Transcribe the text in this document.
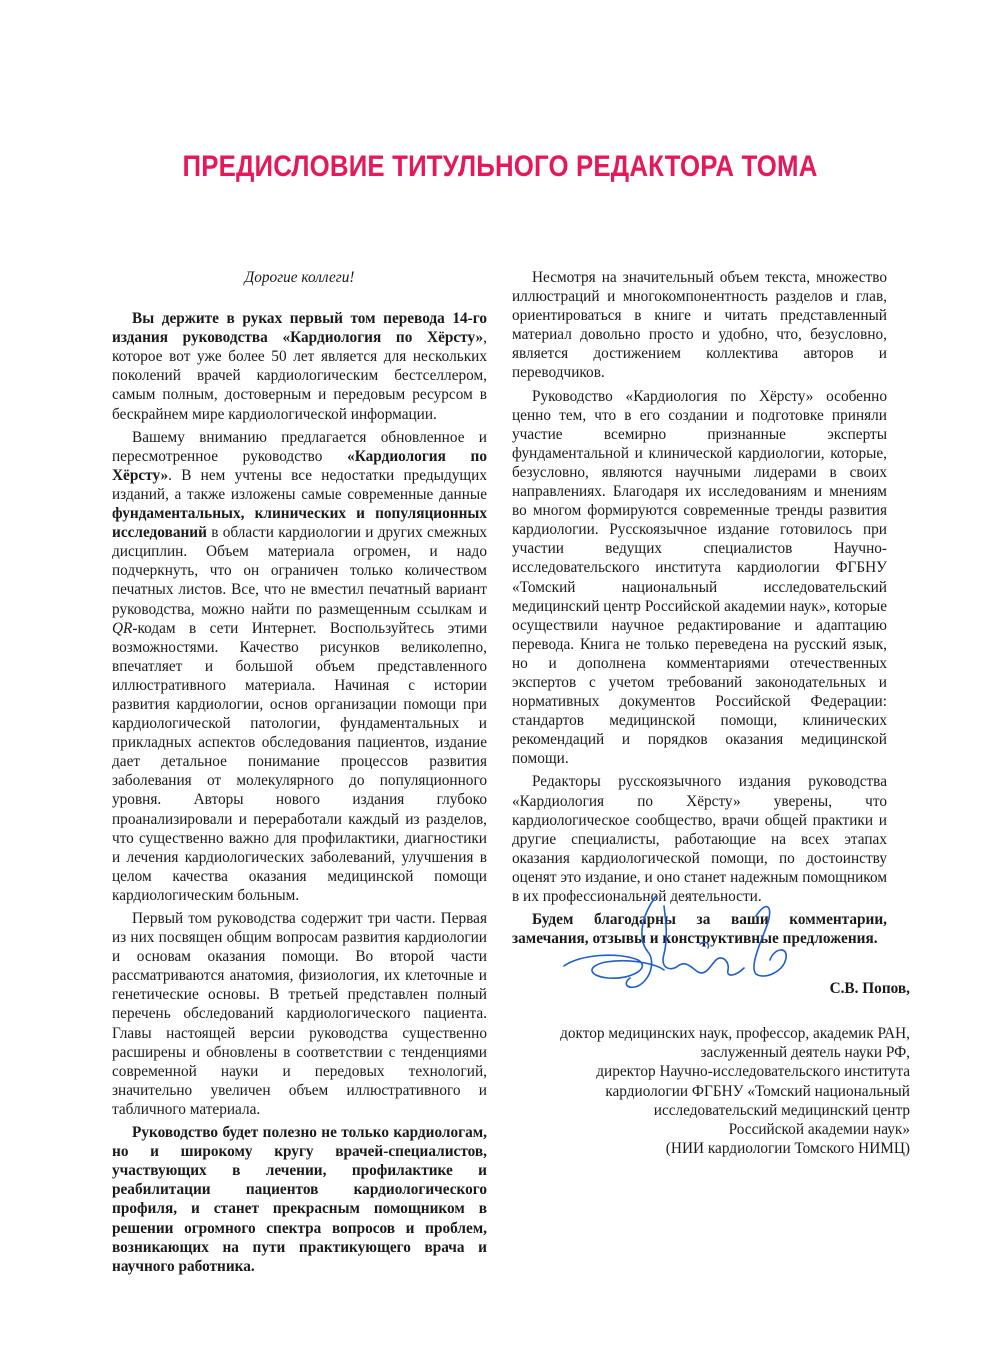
ПРЕДИСЛОВИЕ ТИТУЛЬНОГО РЕДАКТОРА ТОМА

Дорогие коллеги!

Вы держите в руках первый том перевода 14-го издания руководства «Кардиология по Хёрсту», которое вот уже более 50 лет является для нескольких поколений врачей кардиологическим бестселлером, самым полным, достоверным и передовым ресурсом в бескрайнем мире кардиологической информации.

Вашему вниманию предлагается обновленное и пересмотренное руководство «Кардиология по Хёрсту». В нем учтены все недостатки предыдущих изданий, а также изложены самые современные данные фундаментальных, клинических и популяционных исследований в области кардиологии и других смежных дисциплин. Объем материала огромен, и надо подчеркнуть, что он ограничен только количеством печатных листов. Все, что не вместил печатный вариант руководства, можно найти по размещенным ссылкам и QR-кодам в сети Интернет. Воспользуйтесь этими возможностями. Качество рисунков великолепно, впечатляет и большой объем представленного иллюстративного материала. Начиная с истории развития кардиологии, основ организации помощи при кардиологической патологии, фундаментальных и прикладных аспектов обследования пациентов, издание дает детальное понимание процессов развития заболевания от молекулярного до популяционного уровня. Авторы нового издания глубоко проанализировали и переработали каждый из разделов, что существенно важно для профилактики, диагностики и лечения кардиологических заболеваний, улучшения в целом качества оказания медицинской помощи кардиологическим больным.

Первый том руководства содержит три части. Первая из них посвящен общим вопросам развития кардиологии и основам оказания помощи. Во второй части рассматриваются анатомия, физиология, их клеточные и генетические основы. В третьей представлен полный перечень обследований кардиологического пациента. Главы настоящей версии руководства существенно расширены и обновлены в соответствии с тенденциями современной науки и передовых технологий, значительно увеличен объем иллюстративного и табличного материала.

Руководство будет полезно не только кардиологам, но и широкому кругу врачей-специалистов, участвующих в лечении, профилактике и реабилитации пациентов кардиологического профиля, и станет прекрасным помощником в решении огромного спектра вопросов и проблем, возникающих на пути практикующего врача и научного работника.

Несмотря на значительный объем текста, множество иллюстраций и многокомпонентность разделов и глав, ориентироваться в книге и читать представленный материал довольно просто и удобно, что, безусловно, является достижением коллектива авторов и переводчиков.

Руководство «Кардиология по Хёрсту» особенно ценно тем, что в его создании и подготовке приняли участие всемирно признанные эксперты фундаментальной и клинической кардиологии, которые, безусловно, являются научными лидерами в своих направлениях. Благодаря их исследованиям и мнениям во многом формируются современные тренды развития кардиологии. Русскоязычное издание готовилось при участии ведущих специалистов Научно-исследовательского института кардиологии ФГБНУ «Томский национальный исследовательский медицинский центр Российской академии наук», которые осуществили научное редактирование и адаптацию перевода. Книга не только переведена на русский язык, но и дополнена комментариями отечественных экспертов с учетом требований законодательных и нормативных документов Российской Федерации: стандартов медицинской помощи, клинических рекомендаций и порядков оказания медицинской помощи.

Редакторы русскоязычного издания руководства «Кардиология по Хёрсту» уверены, что кардиологическое сообщество, врачи общей практики и другие специалисты, работающие на всех этапах оказания кардиологической помощи, по достоинству оценят это издание, и оно станет надежным помощником в их профессиональной деятельности.

Будем благодарны за ваши комментарии, замечания, отзывы и конструктивные предложения.

С.В. Попов,
доктор медицинских наук, профессор, академик РАН,
заслуженный деятель науки РФ,
директор Научно-исследовательского института
кардиологии ФГБНУ «Томский национальный
исследовательский медицинский центр
Российской академии наук»
(НИИ кардиологии Томского НИМЦ)
